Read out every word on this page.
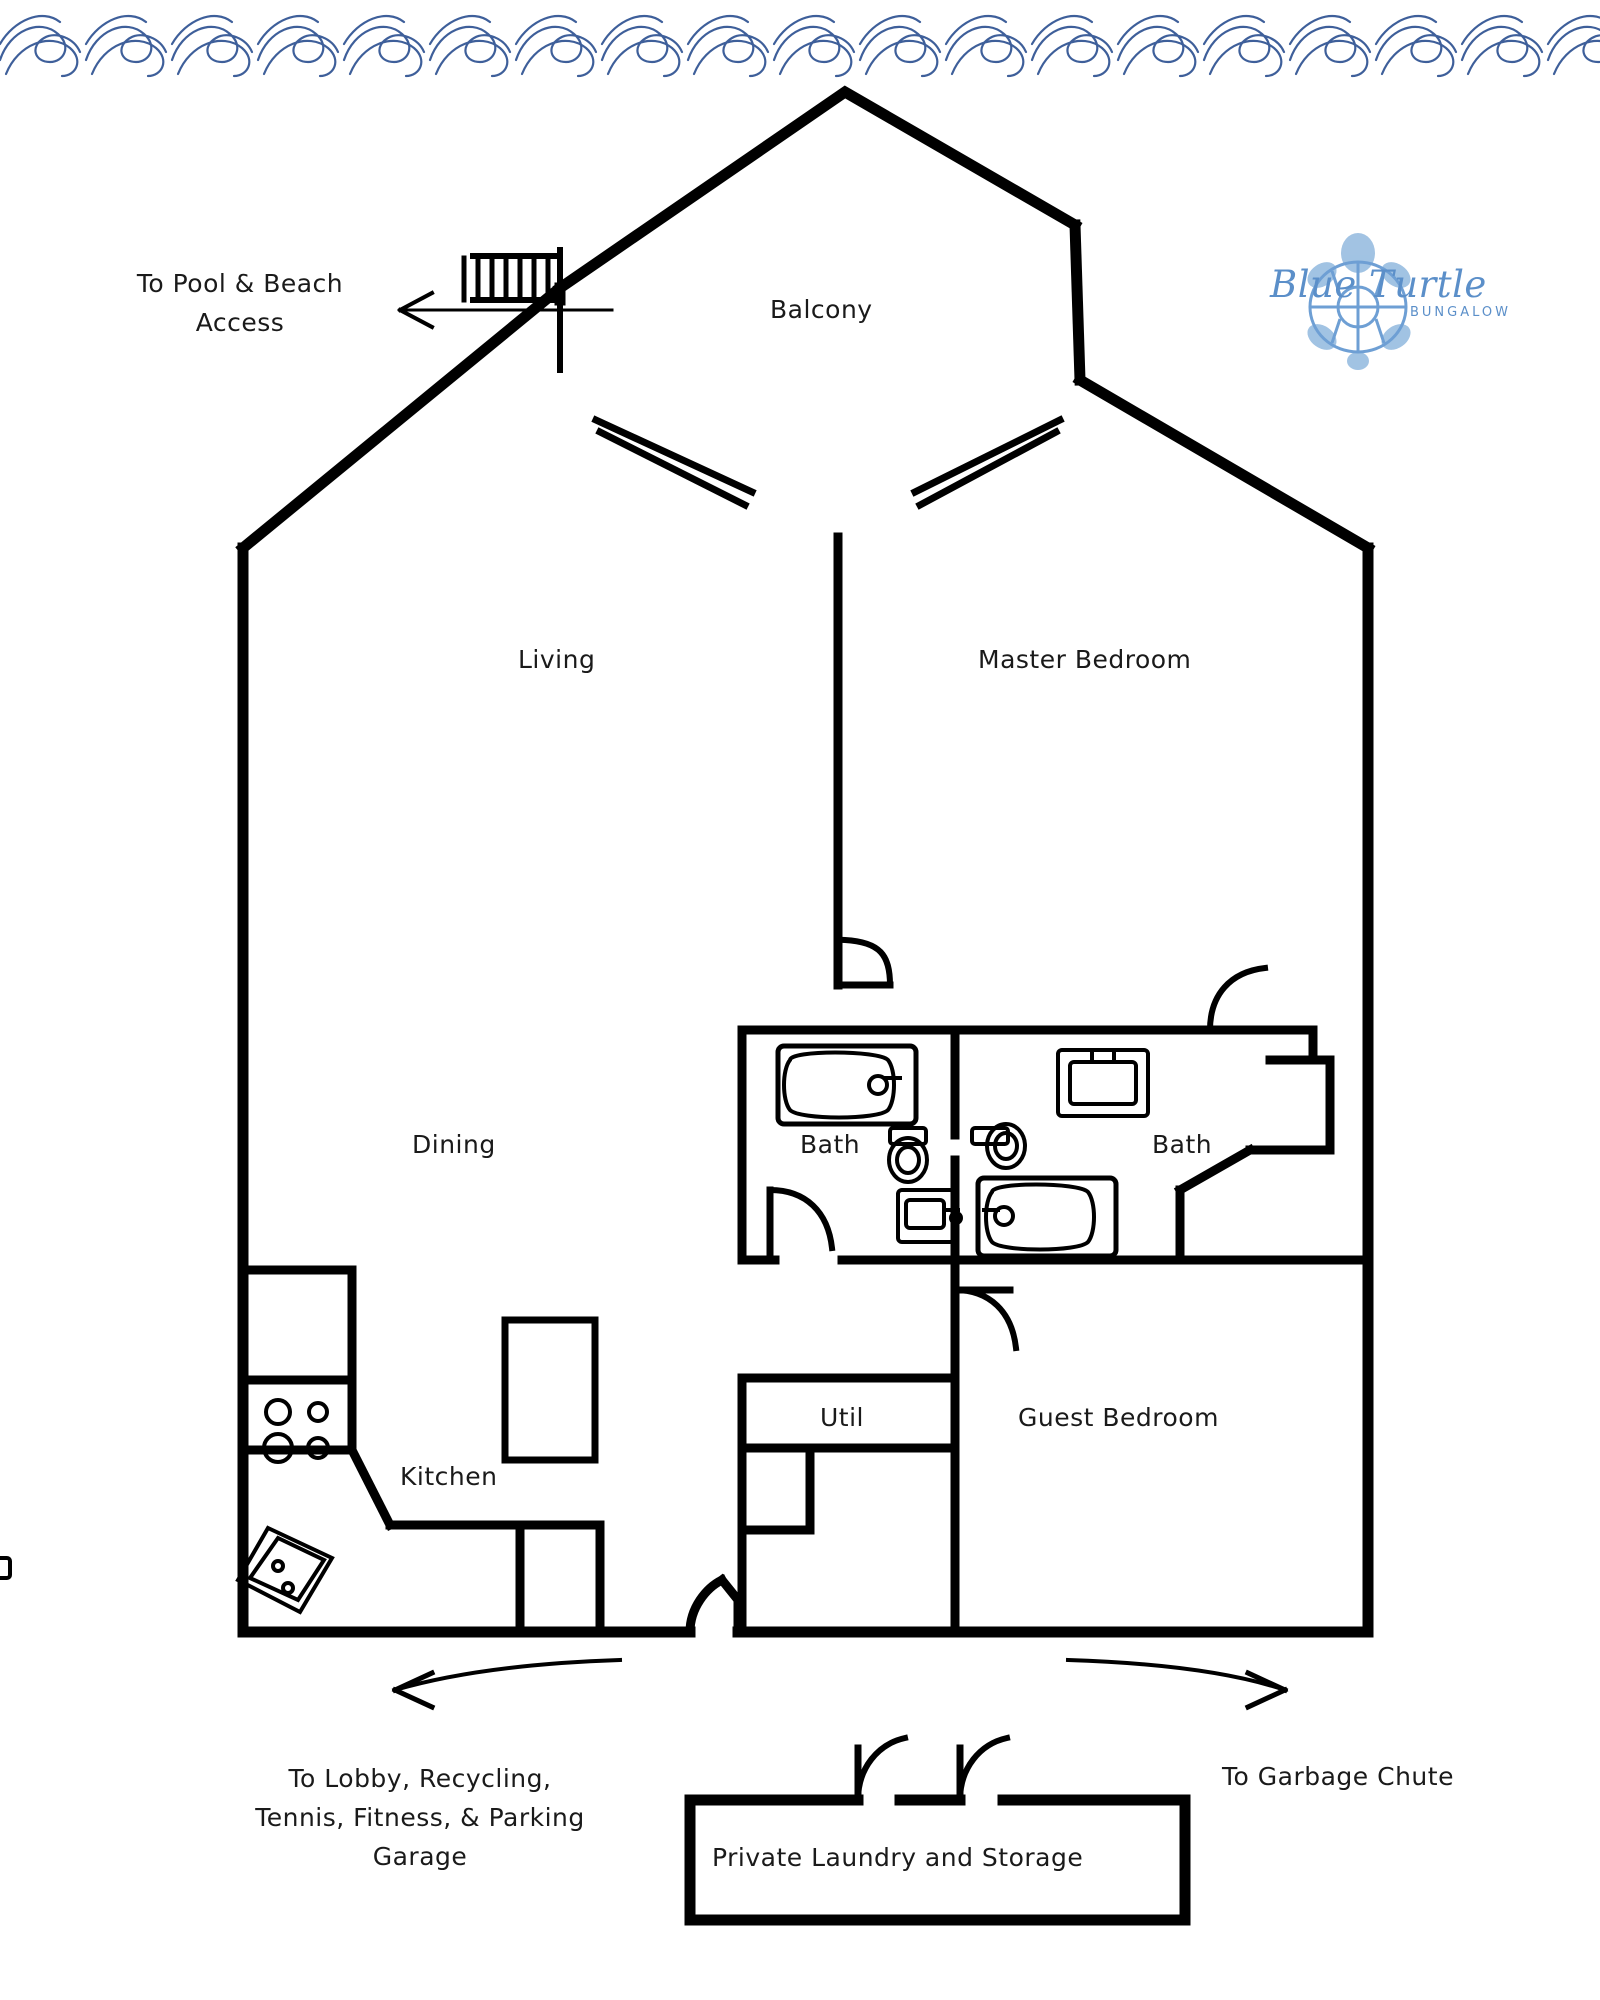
Blue Turtle
BUNGALOW
To Pool & Beach Access	Balcony
Living	Master Bedroom
Dining	Bath	Bath
Kitchen
Util	Guest Bedroom
To Lobby, Recycling, Tennis, Fitness, & Parking Garage
To Garbage Chute
Private Laundry and Storage
